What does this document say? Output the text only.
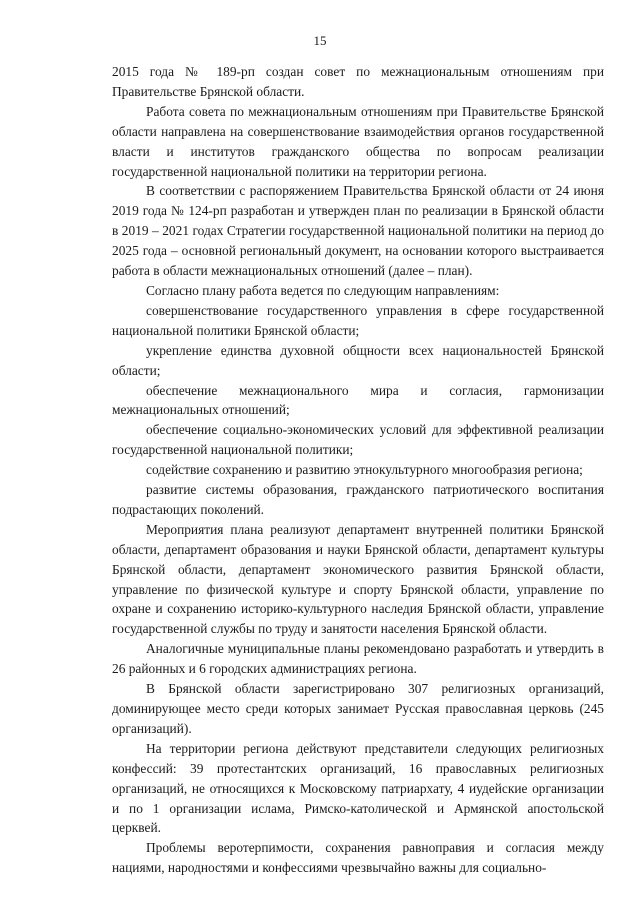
15

2015 года № 189-рп создан совет по межнациональным отношениям при Правительстве Брянской области.

Работа совета по межнациональным отношениям при Правительстве Брянской области направлена на совершенствование взаимодействия органов государственной власти и институтов гражданского общества по вопросам реализации государственной национальной политики на территории региона.

В соответствии с распоряжением Правительства Брянской области от 24 июня 2019 года № 124-рп разработан и утвержден план по реализации в Брянской области в 2019 – 2021 годах Стратегии государственной национальной политики на период до 2025 года – основной региональный документ, на основании которого выстраивается работа в области межнациональных отношений (далее – план).

Согласно плану работа ведется по следующим направлениям:

совершенствование государственного управления в сфере государственной национальной политики Брянской области;

укрепление единства духовной общности всех национальностей Брянской области;

обеспечение межнационального мира и согласия, гармонизации межнациональных отношений;

обеспечение социально-экономических условий для эффективной реализации государственной национальной политики;

содействие сохранению и развитию этнокультурного многообразия региона;

развитие системы образования, гражданского патриотического воспитания подрастающих поколений.

Мероприятия плана реализуют департамент внутренней политики Брянской области, департамент образования и науки Брянской области, департамент культуры Брянской области, департамент экономического развития Брянской области, управление по физической культуре и спорту Брянской области, управление по охране и сохранению историко-культурного наследия Брянской области, управление государственной службы по труду и занятости населения Брянской области.

Аналогичные муниципальные планы рекомендовано разработать и утвердить в 26 районных и 6 городских администрациях региона.

В Брянской области зарегистрировано 307 религиозных организаций, доминирующее место среди которых занимает Русская православная церковь (245 организаций).

На территории региона действуют представители следующих религиозных конфессий: 39 протестантских организаций, 16 православных религиозных организаций, не относящихся к Московскому патриархату, 4 иудейские организации и по 1 организации ислама, Римско-католической и Армянской апостольской церквей.

Проблемы веротерпимости, сохранения равноправия и согласия между нациями, народностями и конфессиями чрезвычайно важны для социально-
